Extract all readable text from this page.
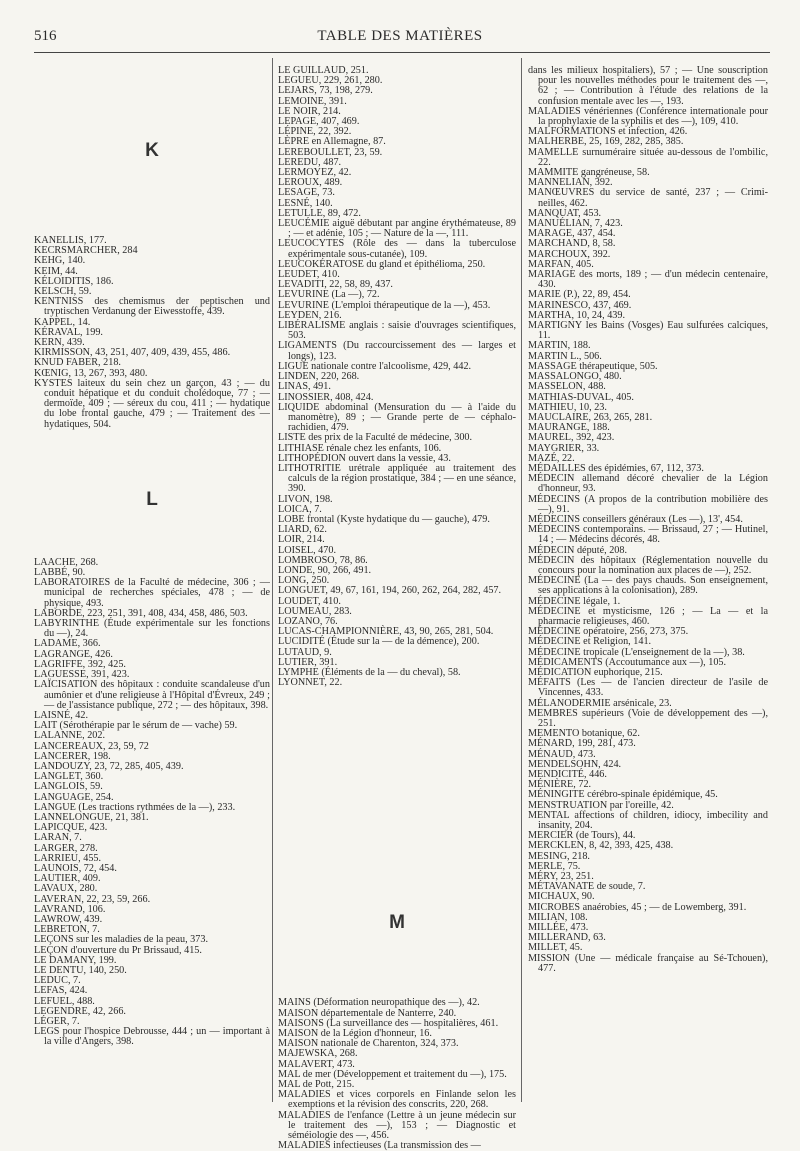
516	TABLE DES MATIÈRES
K

KANELLIS, 177.

KECRSMARCHER, 284

KEHG, 140.

KEIM, 44.

KÉLOIDITIS, 186.

KELSCH, 59.

KENTNISS des chemismus der peptischen und tryptischen Verdanung der Eiwesstoffe, 439.

KAPPEL, 14.

KÉRAVAL, 199.

KERN, 439.

KIRMISSON, 43, 251, 407, 409, 439, 455, 486.

KNUD FABER, 218.

KŒNIG, 13, 267, 393, 480.

KYSTES laiteux du sein chez un garçon, 43 ; — du conduit hépatique et du conduit cholédoque, 77 ; — dermoïde, 409 ; — séreux du cou, 411 ; — hydatique du lobe frontal gauche, 479 ; — Traitement des — hydatiques, 504.

L

LAACHE, 268.

LABBÉ, 90.

LABORATOIRES de la Faculté de médecine, 306 ; — municipal de recherches spéciales, 478 ; — de physique, 493.

LABORDE, 223, 251, 391, 408, 434, 458, 486, 503.

LABYRINTHE (Étude expérimentale sur les fonctions du —), 24.

LADAME, 366.

LAGRANGE, 426.

LAGRIFFE, 392, 425.

LAGUESSE, 391, 423.

LAÏCISATION des hôpitaux : conduite scandaleuse d'un aumônier et d'une religieuse à l'Hôpital d'Évreux, 249 ; — de l'assistance publique, 272 ; — des hôpitaux, 398.

LAISNÉ, 42.

LAIT (Sérothérapie par le sérum de — vache) 59.

LALANNE, 202.

LANCEREAUX, 23, 59, 72

LANCERER, 198.

LANDOUZY, 23, 72, 285, 405, 439.

LANGLET, 360.

LANGLOIS, 59.

LANGUAGE, 254.

LANGUE (Les tractions rythmées de la —), 233.

LANNELONGUE, 21, 381.

LAPICQUE, 423.

LARAN, 7.

LARGER, 278.

LARRIEU, 455.

LAUNOIS, 72, 454.

LAUTIER, 409.

LAVAUX, 280.

LAVERAN, 22, 23, 59, 266.

LAVRAND, 106.

LAWROW, 439.

LEBRETON, 7.

LEÇONS sur les maladies de la peau, 373.

LEÇON d'ouverture du Pr Brissaud, 415.

LE DAMANY, 199.

LE DENTU, 140, 250.

LEDUC, 7.

LEFAS, 424.

LEFUEL, 488.

LEGENDRE, 42, 266.

LÉGER, 7.

LEGS pour l'hospice Debrousse, 444 ; un — important à la ville d'Angers, 398.

LE GUILLAUD, 251.

LEGUEU, 229, 261, 280.

LEJARS, 73, 198, 279.

LEMOINE, 391.

LE NOIR, 214.

LEPAGE, 407, 469.

LÉPINE, 22, 392.

LÈPRE en Allemagne, 87.

LEREBOULLET, 23, 59.

LEREDU, 487.

LERMOYEZ, 42.

LEROUX, 489.

LESAGE, 73.

LESNÉ, 140.

LETULLE, 89, 472.

LEUCÉMIE aiguë débutant par angine érythémateuse, 89 ; — et adénie, 105 ; — Nature de la —, 111.

LEUCOCYTES (Rôle des — dans la tuberculose expérimentale sous-cutanée), 109.

LEUCOKÉRATOSE du gland et épithélioma, 250.

LEUDET, 410.

LEVADITI, 22, 58, 89, 437.

LEVURINE (La —), 72.

LEVURINE (L'emploi thérapeutique de la —), 453.

LEYDEN, 216.

LIBÉRALISME anglais : saisie d'ouvrages scientifiques, 503.

LIGAMENTS (Du raccourcissement des — larges et longs), 123.

LIGUE nationale contre l'alcoolisme, 429, 442.

LINDEN, 220, 268.

LINAS, 491.

LINOSSIER, 408, 424.

LIQUIDE abdominal (Mensuration du — à l'aide du manomètre), 89 ; — Grande perte de — céphalo-rachidien, 479.

LISTE des prix de la Faculté de médecine, 300.

LITHIASE rénale chez les enfants, 106.

LITHOPÉDION ouvert dans la vessie, 43.

LITHOTRITIE urétrale appliquée au traitement des calculs de la région prostatique, 384 ; — en une séance, 390.

LIVON, 198.

LOICA, 7.

LOBE frontal (Kyste hydatique du — gauche), 479.

LIARD, 62.

LOIR, 214.

LOISEL, 470.

LOMBROSO, 78, 86.

LONDE, 90, 266, 491.

LONG, 250.

LONGUET, 49, 67, 161, 194, 260, 262, 264, 282, 457.

LOUDET, 410.

LOUMEAU, 283.

LOZANO, 76.

LUCAS-CHAMPIONNIÈRE, 43, 90, 265, 281, 504.

LUCIDITÉ (Étude sur la — de la démence), 200.

LUTAUD, 9.

LUTIER, 391.

LYMPHE (Éléments de la — du cheval), 58.

LYONNET, 22.

M

MAINS (Déformation neuropathique des —), 42.

MAISON départementale de Nanterre, 240.

MAISONS (La surveillance des — hospitalières, 461.

MAISON de la Légion d'honneur, 16.

MAISON nationale de Charenton, 324, 373.

MAJEWSKA, 268.

MALAVERT, 473.

MAL de mer (Développement et traitement du —), 175.

MAL de Pott, 215.

MALADIES et vices corporels en Finlande selon les exemptions et la révision des conscrits, 220, 268.

MALADIES de l'enfance (Lettre à un jeune médecin sur le traitement des —), 153 ; — Diagnostic et séméiologie des —, 456.

MALADIES infectieuses (La transmission des —

dans les milieux hospitaliers), 57 ; — Une souscription pour les nouvelles méthodes pour le traitement des —, 62 ; — Contribution à l'étude des relations de la confusion mentale avec les —, 193.

MALADIES vénériennes (Conférence internationale pour la prophylaxie de la syphilis et des —), 109, 410.

MALFORMATIONS et infection, 426.

MALHERBE, 25, 169, 282, 285, 385.

MAMELLE surnuméraire située au-dessous de l'ombilic, 22.

MAMMITE gangréneuse, 58.

MANNELIAN, 392.

MANŒUVRES du service de santé, 237 ; — Crimi-neilles, 462.

MANQUAT, 453.

MANUÉLIAN, 7, 423.

MARAGE, 437, 454.

MARCHAND, 8, 58.

MARCHOUX, 392.

MARFAN, 405.

MARIAGE des morts, 189 ; — d'un médecin centenaire, 430.

MARIE (P.), 22, 89, 454.

MARINESCO, 437, 469.

MARTHA, 10, 24, 439.

MARTIGNY les Bains (Vosges) Eau sulfurées calciques, 11.

MARTIN, 188.

MARTIN L., 506.

MASSAGE thérapeutique, 505.

MASSALONGO, 480.

MASSELON, 488.

MATHIAS-DUVAL, 405.

MATHIEU, 10, 23.

MAUCLAIRE, 263, 265, 281.

MAURANGE, 188.

MAUREL, 392, 423.

MAYGRIER, 33.

MAZÉ, 22.

MÉDAILLES des épidémies, 67, 112, 373.

MÉDECIN allemand décoré chevalier de la Légion d'honneur, 93.

MÉDECINS (A propos de la contribution mobilière des —), 91.

MÉDECINS conseillers généraux (Les —), 13', 454.

MÉDECINS contemporains. — Brissaud, 27 ; — Hutinel, 14 ; — Médecins décorés, 48.

MÉDECIN député, 208.

MÉDECIN des hôpitaux (Réglementation nouvelle du concours pour la nomination aux places de —), 252.

MÉDECINE (La — des pays chauds. Son enseignement, ses applications à la colonisation), 289.

MÉDECINE légale, 1.

MÉDECINE et mysticisme, 126 ; — La — et la pharmacie religieuses, 460.

MÉDECINE opératoire, 256, 273, 375.

MÉDECINE et Religion, 141.

MÉDECINE tropicale (L'enseignement de la —), 38.

MÉDICAMENTS (Accoutumance aux —), 105.

MÉDICATION euphorique, 215.

MÉFAITS (Les — de l'ancien directeur de l'asile de Vincennes, 433.

MÉLANODERMIE arsénicale, 23.

MEMBRES supérieurs (Voie de développement des —), 251.

MEMENTO botanique, 62.

MÉNARD, 199, 281, 473.

MÉNAUD, 473.

MENDELSOHN, 424.

MENDICITÉ, 446.

MÉNIÈRE, 72.

MÉNINGITE cérébro-spinale épidémique, 45.

MENSTRUATION par l'oreille, 42.

MENTAL affections of children, idiocy, imbecility and insanity, 204.

MERCIER (de Tours), 44.

MERCKLEN, 8, 42, 393, 425, 438.

MESING, 218.

MERLE, 75.

MÉRY, 23, 251.

MÉTAVANATE de soude, 7.

MICHAUX, 90.

MICROBES anaérobies, 45 ; — de Lowemberg, 391.

MILIAN, 108.

MILLÉE, 473.

MILLERAND, 63.

MILLET, 45.

MISSION (Une — médicale française au Sé-Tchouen), 477.
